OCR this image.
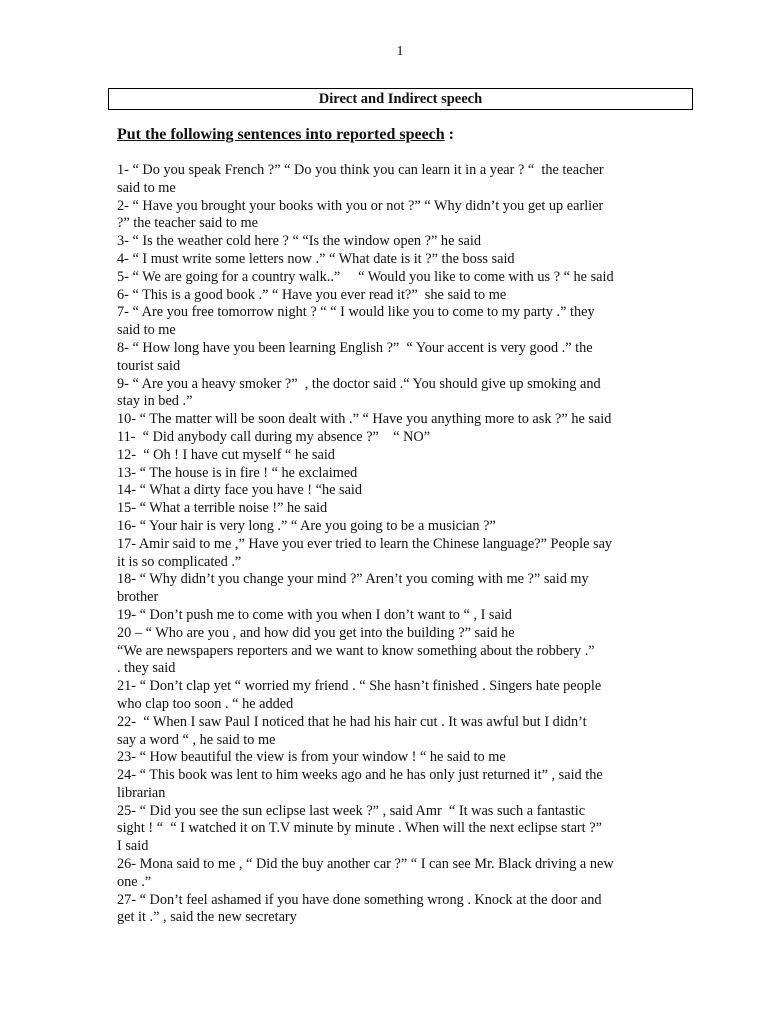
1
Direct and Indirect speech
Put the following sentences into reported speech :
1- “ Do you speak French ?” “ Do you think you can learn it in a year ? “  the teacher
said to me
2- “ Have you brought your books with you or not ?” “ Why didn’t you get up earlier
?” the teacher said to me
3- “ Is the weather cold here ? “ “Is the window open ?” he said
4- “ I must write some letters now .” “ What date is it ?” the boss said
5- “ We are going for a country walk..”     “ Would you like to come with us ? “ he said
6- “ This is a good book .” “ Have you ever read it?”  she said to me
7- “ Are you free tomorrow night ? “ “ I would like you to come to my party .” they
said to me
8- “ How long have you been learning English ?”  “ Your accent is very good .” the
tourist said
9- “ Are you a heavy smoker ?”  , the doctor said .“ You should give up smoking and
stay in bed .”
10- “ The matter will be soon dealt with .” “ Have you anything more to ask ?” he said
11-  “ Did anybody call during my absence ?”    “ NO”
12-  “ Oh ! I have cut myself “ he said
13- “ The house is in fire ! “ he exclaimed
14- “ What a dirty face you have ! “he said
15- “ What a terrible noise !” he said
16- “ Your hair is very long .” “ Are you going to be a musician ?”
17- Amir said to me ,” Have you ever tried to learn the Chinese language?” People say
it is so complicated .”
18- “ Why didn’t you change your mind ?” Aren’t you coming with me ?” said my
brother
19- “ Don’t push me to come with you when I don’t want to “ , I said
20 – “ Who are you , and how did you get into the building ?” said he
“We are newspapers reporters and we want to know something about the robbery .”
. they said
21- “ Don’t clap yet “ worried my friend . “ She hasn’t finished . Singers hate people
who clap too soon . “ he added
22-  “ When I saw Paul I noticed that he had his hair cut . It was awful but I didn’t
say a word “ , he said to me
23- “ How beautiful the view is from your window ! “ he said to me
24- “ This book was lent to him weeks ago and he has only just returned it” , said the
librarian
25- “ Did you see the sun eclipse last week ?” , said Amr  “ It was such a fantastic
sight ! “  “ I watched it on T.V minute by minute . When will the next eclipse start ?”
I said
26- Mona said to me , “ Did the buy another car ?” “ I can see Mr. Black driving a new
one .”
27- “ Don’t feel ashamed if you have done something wrong . Knock at the door and
get it .” , said the new secretary
